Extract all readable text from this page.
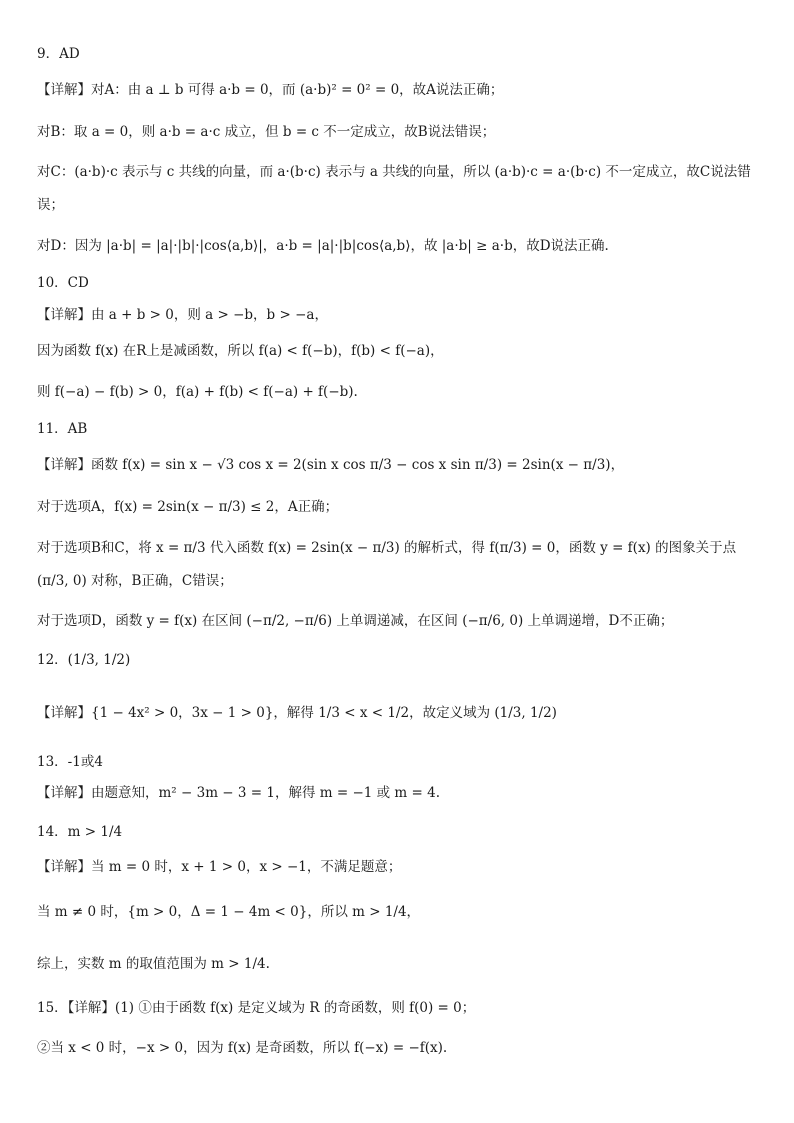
9．AD
【详解】对A：由 a ⊥ b 可得 a·b = 0，而 (a·b)² = 0² = 0，故A说法正确；
对B：取 a = 0，则 a·b = a·c 成立，但 b = c 不一定成立，故B说法错误；
对C：(a·b)·c 表示与 c 共线的向量，而 a·(b·c) 表示与 a 共线的向量，所以 (a·b)·c = a·(b·c) 不一定成立，故C说法错误；
对D：因为 |a·b| = |a|·|b|·|cos⟨a,b⟩|，a·b = |a|·|b|cos⟨a,b⟩，故 |a·b| ≥ a·b，故D说法正确.
10．CD
【详解】由 a + b > 0，则 a > −b，b > −a，
因为函数 f(x) 在R上是减函数，所以 f(a) < f(−b)，f(b) < f(−a)，
则 f(−a) − f(b) > 0，f(a) + f(b) < f(−a) + f(−b).
11．AB
【详解】函数 f(x) = sin x − √3 cos x = 2(sin x cos π/3 − cos x sin π/3) = 2sin(x − π/3)，
对于选项A，f(x) = 2sin(x − π/3) ≤ 2，A正确；
对于选项B和C，将 x = π/3 代入函数 f(x) = 2sin(x − π/3) 的解析式，得 f(π/3) = 0，函数 y = f(x) 的图象关于点 (π/3, 0) 对称，B正确，C错误；
对于选项D，函数 y = f(x) 在区间 (−π/2, −π/6) 上单调递减，在区间 (−π/6, 0) 上单调递增，D不正确；
12．(1/3, 1/2)
【详解】{1 − 4x² > 0，3x − 1 > 0}，解得 1/3 < x < 1/2，故定义域为 (1/3, 1/2)
13．-1或4
【详解】由题意知，m² − 3m − 3 = 1，解得 m = −1 或 m = 4.
14．m > 1/4
【详解】当 m = 0 时，x + 1 > 0，x > −1，不满足题意；
当 m ≠ 0 时，{m > 0，Δ = 1 − 4m < 0}，所以 m > 1/4，
综上，实数 m 的取值范围为 m > 1/4.
15．【详解】(1) ①由于函数 f(x) 是定义域为 R 的奇函数，则 f(0) = 0；
②当 x < 0 时，−x > 0，因为 f(x) 是奇函数，所以 f(−x) = −f(x).
